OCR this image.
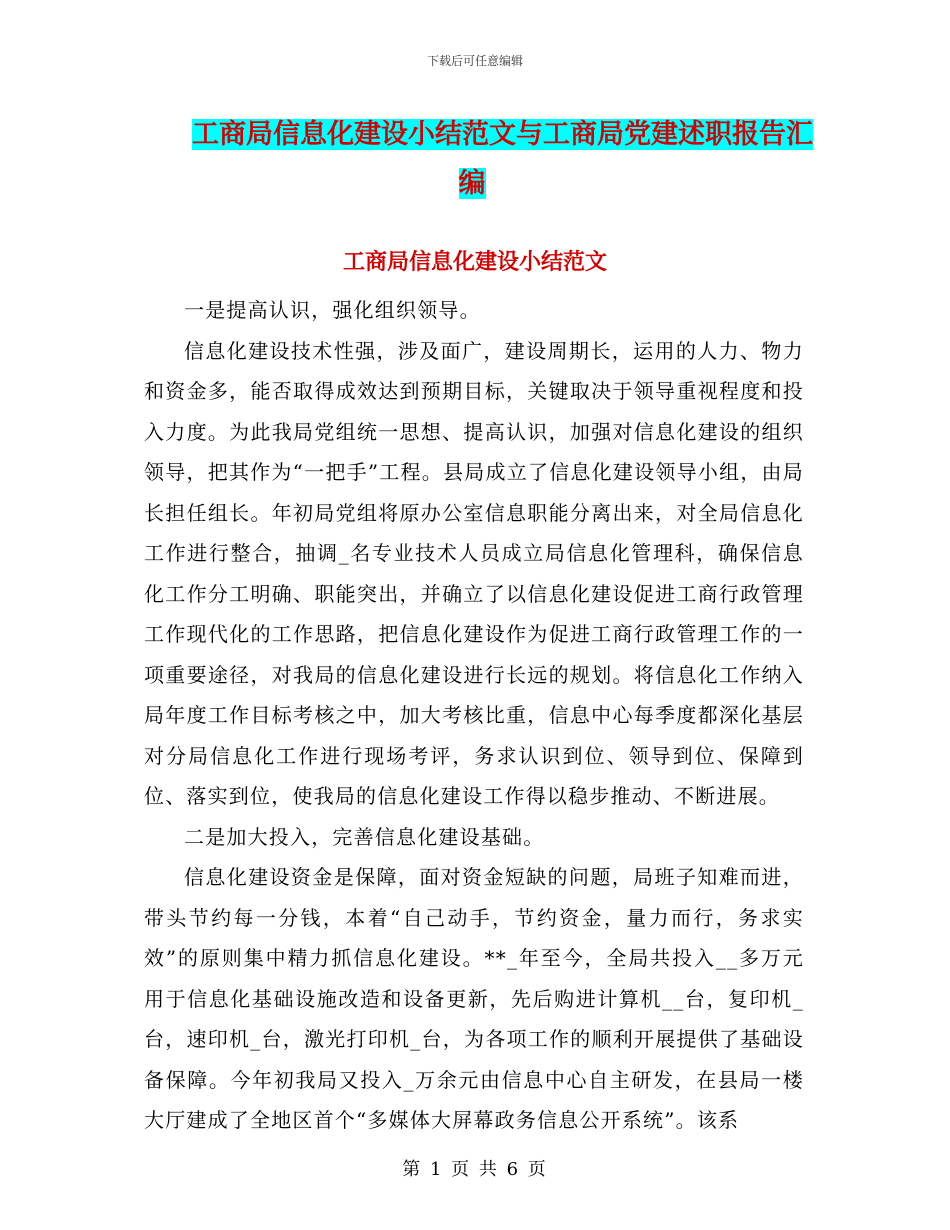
下载后可任意编辑
工商局信息化建设小结范文与工商局党建述职报告汇
编
工商局信息化建设小结范文

一是提高认识，强化组织领导。

信息化建设技术性强，涉及面广，建设周期长，运用的人力、物力和资金多，能否取得成效达到预期目标，关键取决于领导重视程度和投入力度。为此我局党组统一思想、提高认识，加强对信息化建设的组织领导，把其作为“一把手”工程。县局成立了信息化建设领导小组，由局长担任组长。年初局党组将原办公室信息职能分离出来，对全局信息化工作进行整合，抽调_名专业技术人员成立局信息化管理科，确保信息化工作分工明确、职能突出，并确立了以信息化建设促进工商行政管理工作现代化的工作思路，把信息化建设作为促进工商行政管理工作的一项重要途径，对我局的信息化建设进行长远的规划。将信息化工作纳入局年度工作目标考核之中，加大考核比重，信息中心每季度都深化基层对分局信息化工作进行现场考评，务求认识到位、领导到位、保障到位、落实到位，使我局的信息化建设工作得以稳步推动、不断进展。

二是加大投入，完善信息化建设基础。

信息化建设资金是保障，面对资金短缺的问题，局班子知难而进，带头节约每一分钱，本着“自己动手，节约资金，量力而行，务求实效”的原则集中精力抓信息化建设。**_年至今，全局共投入__多万元用于信息化基础设施改造和设备更新，先后购进计算机__台，复印机_台，速印机_台，激光打印机_台，为各项工作的顺利开展提供了基础设备保障。今年初我局又投入_万余元由信息中心自主研发，在县局一楼大厅建成了全地区首个“多媒体大屏幕政务信息公开系统”。该系

第 1 页 共 6 页
